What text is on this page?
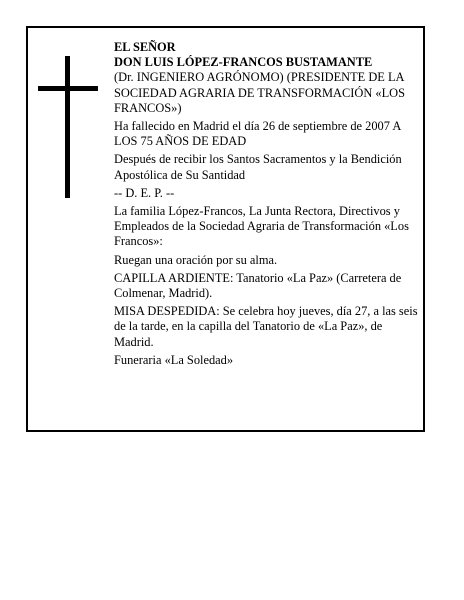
EL SEÑOR

DON LUIS LÓPEZ-FRANCOS BUSTAMANTE

(Dr. INGENIERO AGRÓNOMO) (PRESIDENTE DE LA SOCIEDAD AGRARIA DE TRANSFORMACIÓN «LOS FRANCOS»)

Ha fallecido en Madrid el día 26 de septiembre de 2007 A LOS 75 AÑOS DE EDAD

Después de recibir los Santos Sacramentos y la Bendición Apostólica de Su Santidad

-- D. E. P. --

La familia López-Francos, La Junta Rectora, Directivos y Empleados de la Sociedad Agraria de Transformación «Los Francos»:

Ruegan una oración por su alma.

CAPILLA ARDIENTE: Tanatorio «La Paz» (Carretera de Colmenar, Madrid).

MISA DESPEDIDA: Se celebra hoy jueves, día 27, a las seis de la tarde, en la capilla del Tanatorio de «La Paz», de Madrid.

Funeraria «La Soledad»
